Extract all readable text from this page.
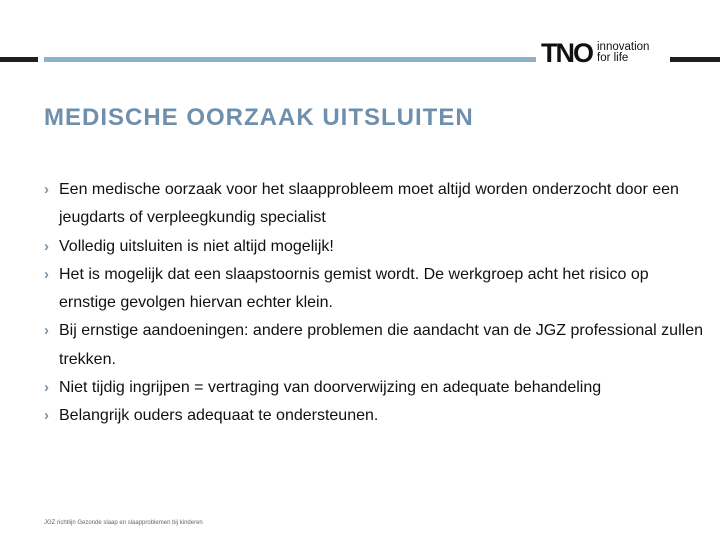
TNO innovation
for life
MEDISCHE OORZAAK UITSLUITEN
› Een medische oorzaak voor het slaapprobleem moet altijd worden onderzocht door een jeugdarts of verpleegkundig specialist
› Volledig uitsluiten is niet altijd mogelijk!
› Het is mogelijk dat een slaapstoornis gemist wordt. De werkgroep acht het risico op ernstige gevolgen hiervan echter klein.
› Bij ernstige aandoeningen: andere problemen die aandacht van de JGZ professional zullen trekken.
› Niet tijdig ingrijpen = vertraging van doorverwijzing en adequate behandeling
› Belangrijk ouders adequaat te ondersteunen.
JGZ richtlijn Gezonde slaap en slaapproblemen bij kinderen
